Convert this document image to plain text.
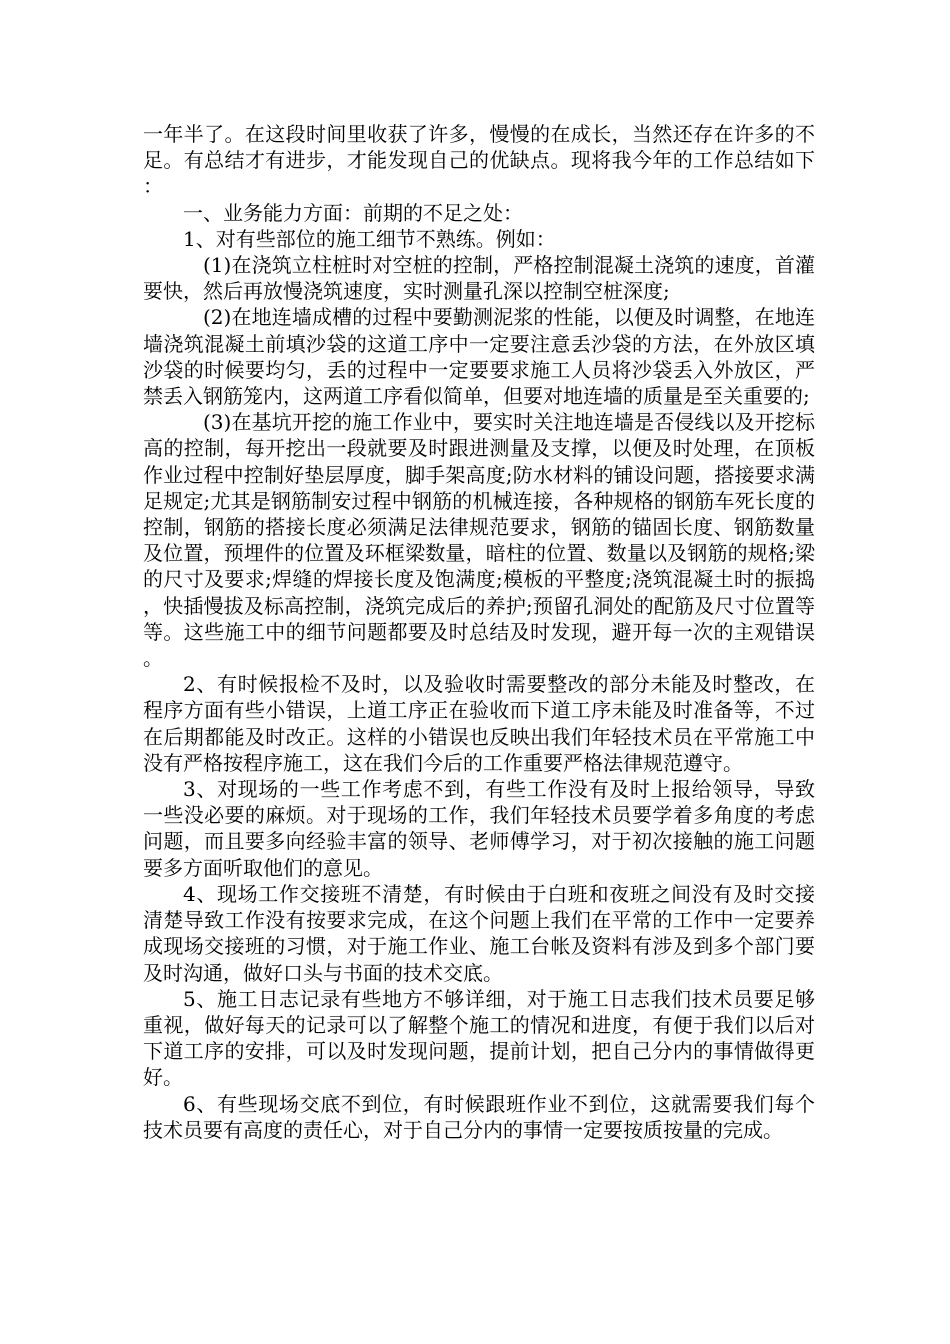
一年半了。在这段时间里收获了许多，慢慢的在成长，当然还存在许多的不足。有总结才有进步，才能发现自己的优缺点。现将我今年的工作总结如下：

一、业务能力方面：前期的不足之处：

1、对有些部位的施工细节不熟练。例如：

(1)在浇筑立柱桩时对空桩的控制，严格控制混凝土浇筑的速度，首灌要快，然后再放慢浇筑速度，实时测量孔深以控制空桩深度;

(2)在地连墙成槽的过程中要勤测泥浆的性能，以便及时调整，在地连墙浇筑混凝土前填沙袋的这道工序中一定要注意丢沙袋的方法，在外放区填沙袋的时候要均匀，丢的过程中一定要要求施工人员将沙袋丢入外放区，严禁丢入钢筋笼内，这两道工序看似简单，但要对地连墙的质量是至关重要的;

(3)在基坑开挖的施工作业中，要实时关注地连墙是否侵线以及开挖标高的控制，每开挖出一段就要及时跟进测量及支撑，以便及时处理，在顶板作业过程中控制好垫层厚度，脚手架高度;防水材料的铺设问题，搭接要求满足规定;尤其是钢筋制安过程中钢筋的机械连接，各种规格的钢筋车死长度的控制，钢筋的搭接长度必须满足法律规范要求，钢筋的锚固长度、钢筋数量及位置，预埋件的位置及环框梁数量，暗柱的位置、数量以及钢筋的规格;梁的尺寸及要求;焊缝的焊接长度及饱满度;模板的平整度;浇筑混凝土时的振捣，快插慢拔及标高控制，浇筑完成后的养护;预留孔洞处的配筋及尺寸位置等等。这些施工中的细节问题都要及时总结及时发现，避开每一次的主观错误。

2、有时候报检不及时，以及验收时需要整改的部分未能及时整改，在程序方面有些小错误，上道工序正在验收而下道工序未能及时准备等，不过在后期都能及时改正。这样的小错误也反映出我们年轻技术员在平常施工中没有严格按程序施工，这在我们今后的工作重要严格法律规范遵守。

3、对现场的一些工作考虑不到，有些工作没有及时上报给领导，导致一些没必要的麻烦。对于现场的工作，我们年轻技术员要学着多角度的考虑问题，而且要多向经验丰富的领导、老师傅学习，对于初次接触的施工问题要多方面听取他们的意见。

4、现场工作交接班不清楚，有时候由于白班和夜班之间没有及时交接清楚导致工作没有按要求完成，在这个问题上我们在平常的工作中一定要养成现场交接班的习惯，对于施工作业、施工台帐及资料有涉及到多个部门要及时沟通，做好口头与书面的技术交底。

5、施工日志记录有些地方不够详细，对于施工日志我们技术员要足够重视，做好每天的记录可以了解整个施工的情况和进度，有便于我们以后对下道工序的安排，可以及时发现问题，提前计划，把自己分内的事情做得更好。

6、有些现场交底不到位，有时候跟班作业不到位，这就需要我们每个技术员要有高度的责任心，对于自己分内的事情一定要按质按量的完成。
